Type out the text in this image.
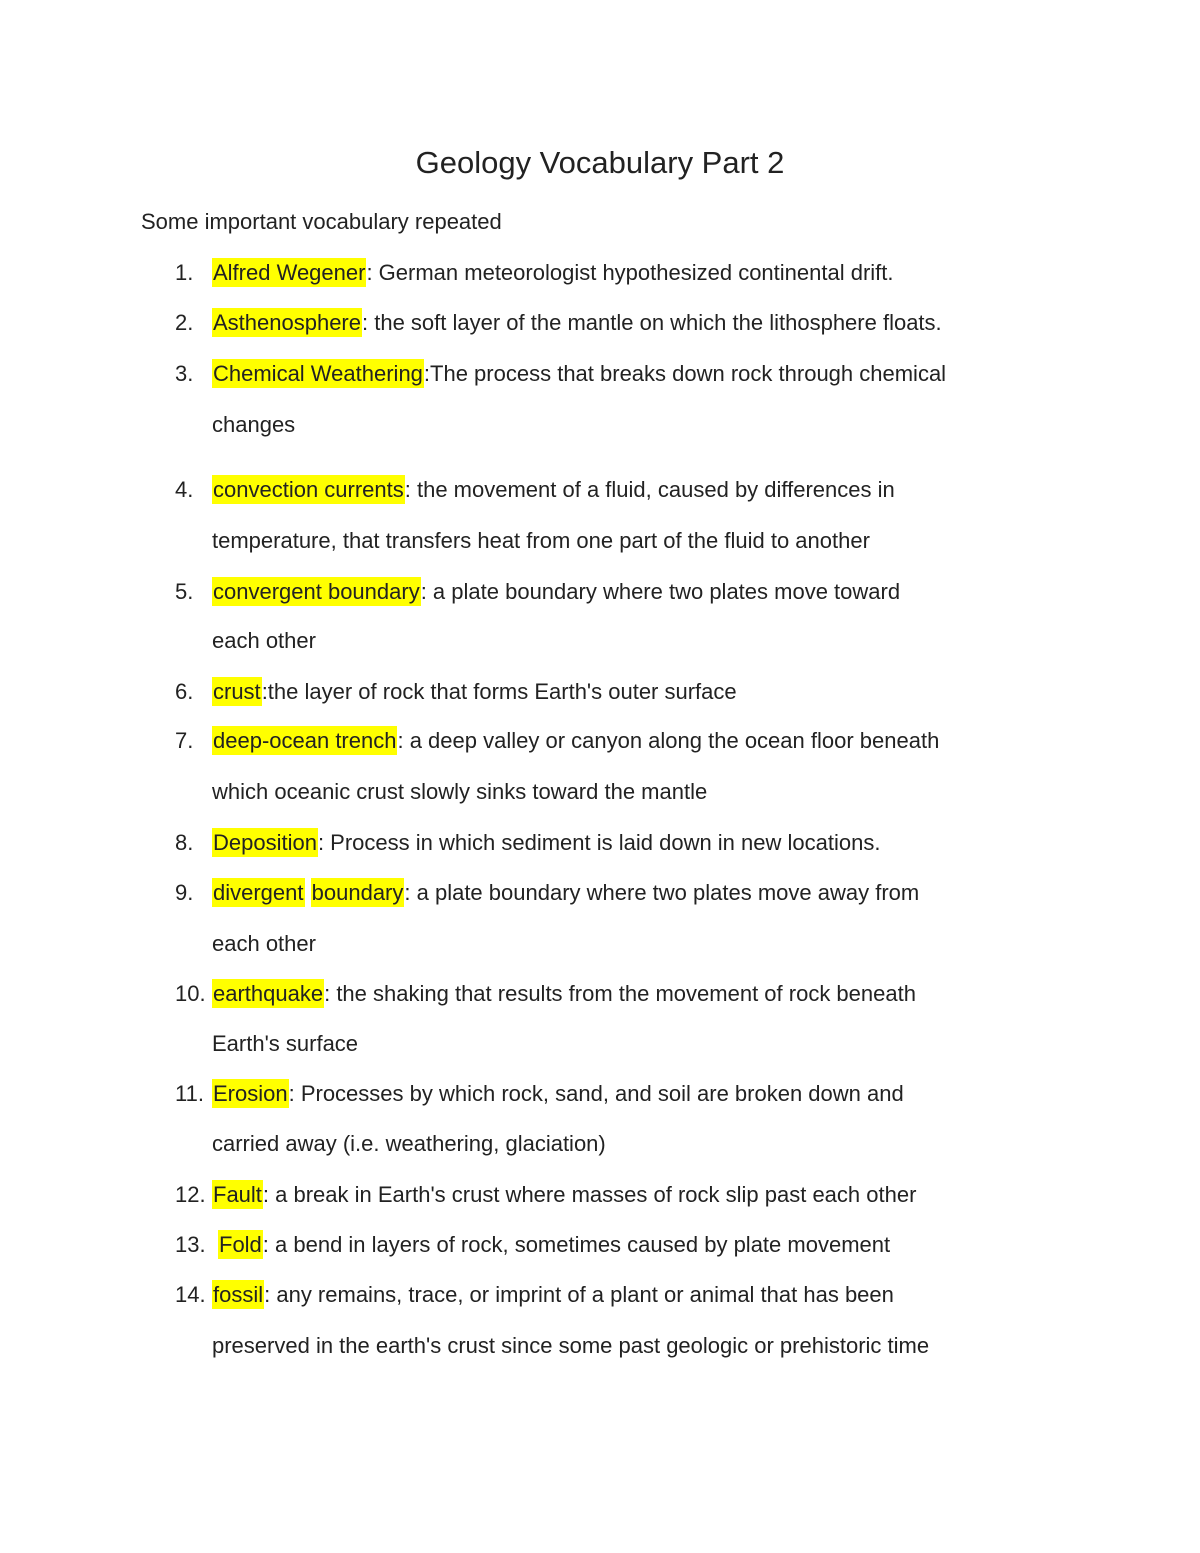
Geology Vocabulary Part 2
Some important vocabulary repeated
1. Alfred Wegener: German meteorologist hypothesized continental drift.
2. Asthenosphere: the soft layer of the mantle on which the lithosphere floats.
3. Chemical Weathering:The process that breaks down rock through chemical
changes
4. convection currents: the movement of a fluid, caused by differences in
temperature, that transfers heat from one part of the fluid to another
5. convergent boundary: a plate boundary where two plates move toward
each other
6. crust:the layer of rock that forms Earth's outer surface
7. deep-ocean trench: a deep valley or canyon along the ocean floor beneath
which oceanic crust slowly sinks toward the mantle
8. Deposition: Process in which sediment is laid down in new locations.
9. divergent boundary: a plate boundary where two plates move away from
each other
10. earthquake: the shaking that results from the movement of rock beneath
Earth's surface
11. Erosion: Processes by which rock, sand, and soil are broken down and
carried away (i.e. weathering, glaciation)
12. Fault: a break in Earth's crust where masses of rock slip past each other
13. Fold: a bend in layers of rock, sometimes caused by plate movement
14. fossil: any remains, trace, or imprint of a plant or animal that has been
preserved in the earth's crust since some past geologic or prehistoric time
